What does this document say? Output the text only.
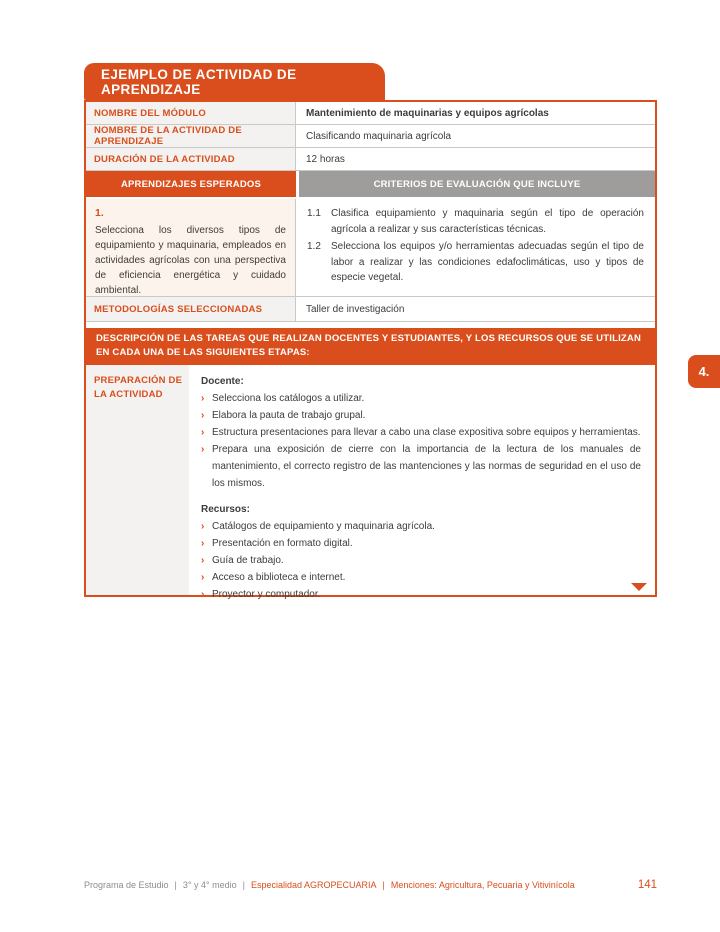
EJEMPLO DE ACTIVIDAD DE APRENDIZAJE
NOMBRE DEL MÓDULO	Mantenimiento de maquinarias y equipos agrícolas
NOMBRE DE LA ACTIVIDAD DE APRENDIZAJE	Clasificando maquinaria agrícola
DURACIÓN DE LA ACTIVIDAD	12 horas
APRENDIZAJES ESPERADOS	CRITERIOS DE EVALUACIÓN QUE INCLUYE
1.
Selecciona los diversos tipos de equipamiento y maquinaria, empleados en actividades agrícolas con una perspectiva de eficiencia energética y cuidado ambiental.
1.1	Clasifica equipamiento y maquinaria según el tipo de operación agrícola a realizar y sus características técnicas.
1.2	Selecciona los equipos y/o herramientas adecuadas según el tipo de labor a realizar y las condiciones edafoclimáticas, uso y tipos de especie vegetal.
METODOLOGÍAS SELECCIONADAS	Taller de investigación
DESCRIPCIÓN DE LAS TAREAS QUE REALIZAN DOCENTES Y ESTUDIANTES, Y LOS RECURSOS QUE SE UTILIZAN EN CADA UNA DE LAS SIGUIENTES ETAPAS:
PREPARACIÓN DE LA ACTIVIDAD
Docente:
› Selecciona los catálogos a utilizar.
› Elabora la pauta de trabajo grupal.
› Estructura presentaciones para llevar a cabo una clase expositiva sobre equipos y herramientas.
› Prepara una exposición de cierre con la importancia de la lectura de los manuales de mantenimiento, el correcto registro de las mantenciones y las normas de seguridad en el uso de los mismos.
Recursos:
› Catálogos de equipamiento y maquinaria agrícola.
› Presentación en formato digital.
› Guía de trabajo.
› Acceso a biblioteca e internet.
› Proyector y computador.
4.
Programa de Estudio | 3° y 4° medio | Especialidad AGROPECUARIA | Menciones: Agricultura, Pecuaria y Vitivinícola	141
